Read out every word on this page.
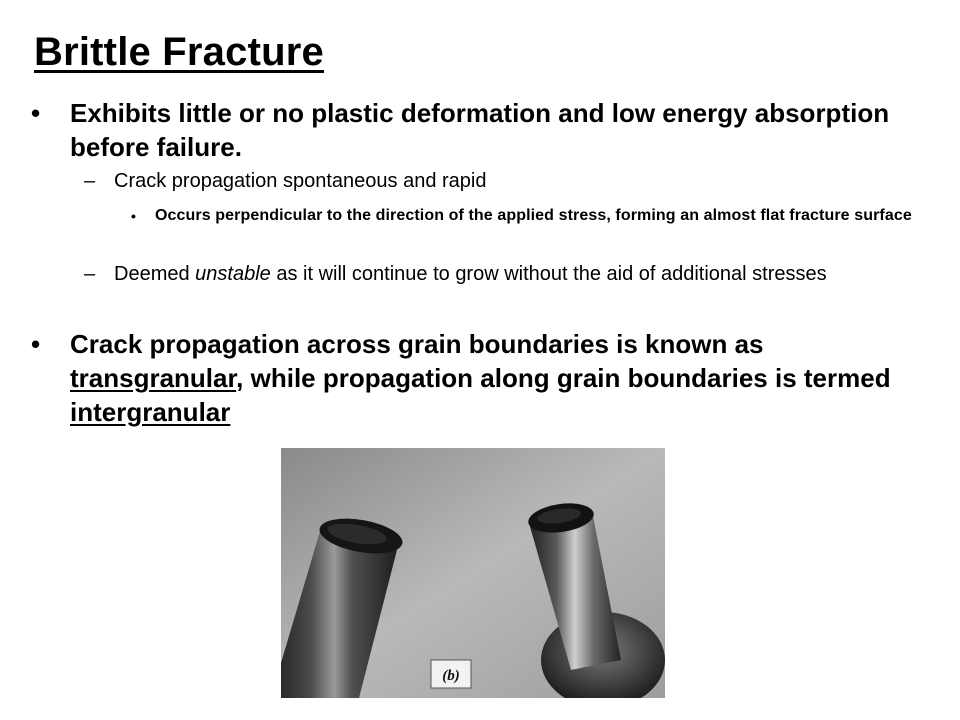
Brittle Fracture
• Exhibits little or no plastic deformation and low energy absorption before failure.
– Crack propagation spontaneous and rapid
• Occurs perpendicular to the direction of the applied stress, forming an almost flat fracture surface
– Deemed unstable as it will continue to grow without the aid of additional stresses
• Crack propagation across grain boundaries is known as transgranular, while propagation along grain boundaries is termed intergranular
(b)
